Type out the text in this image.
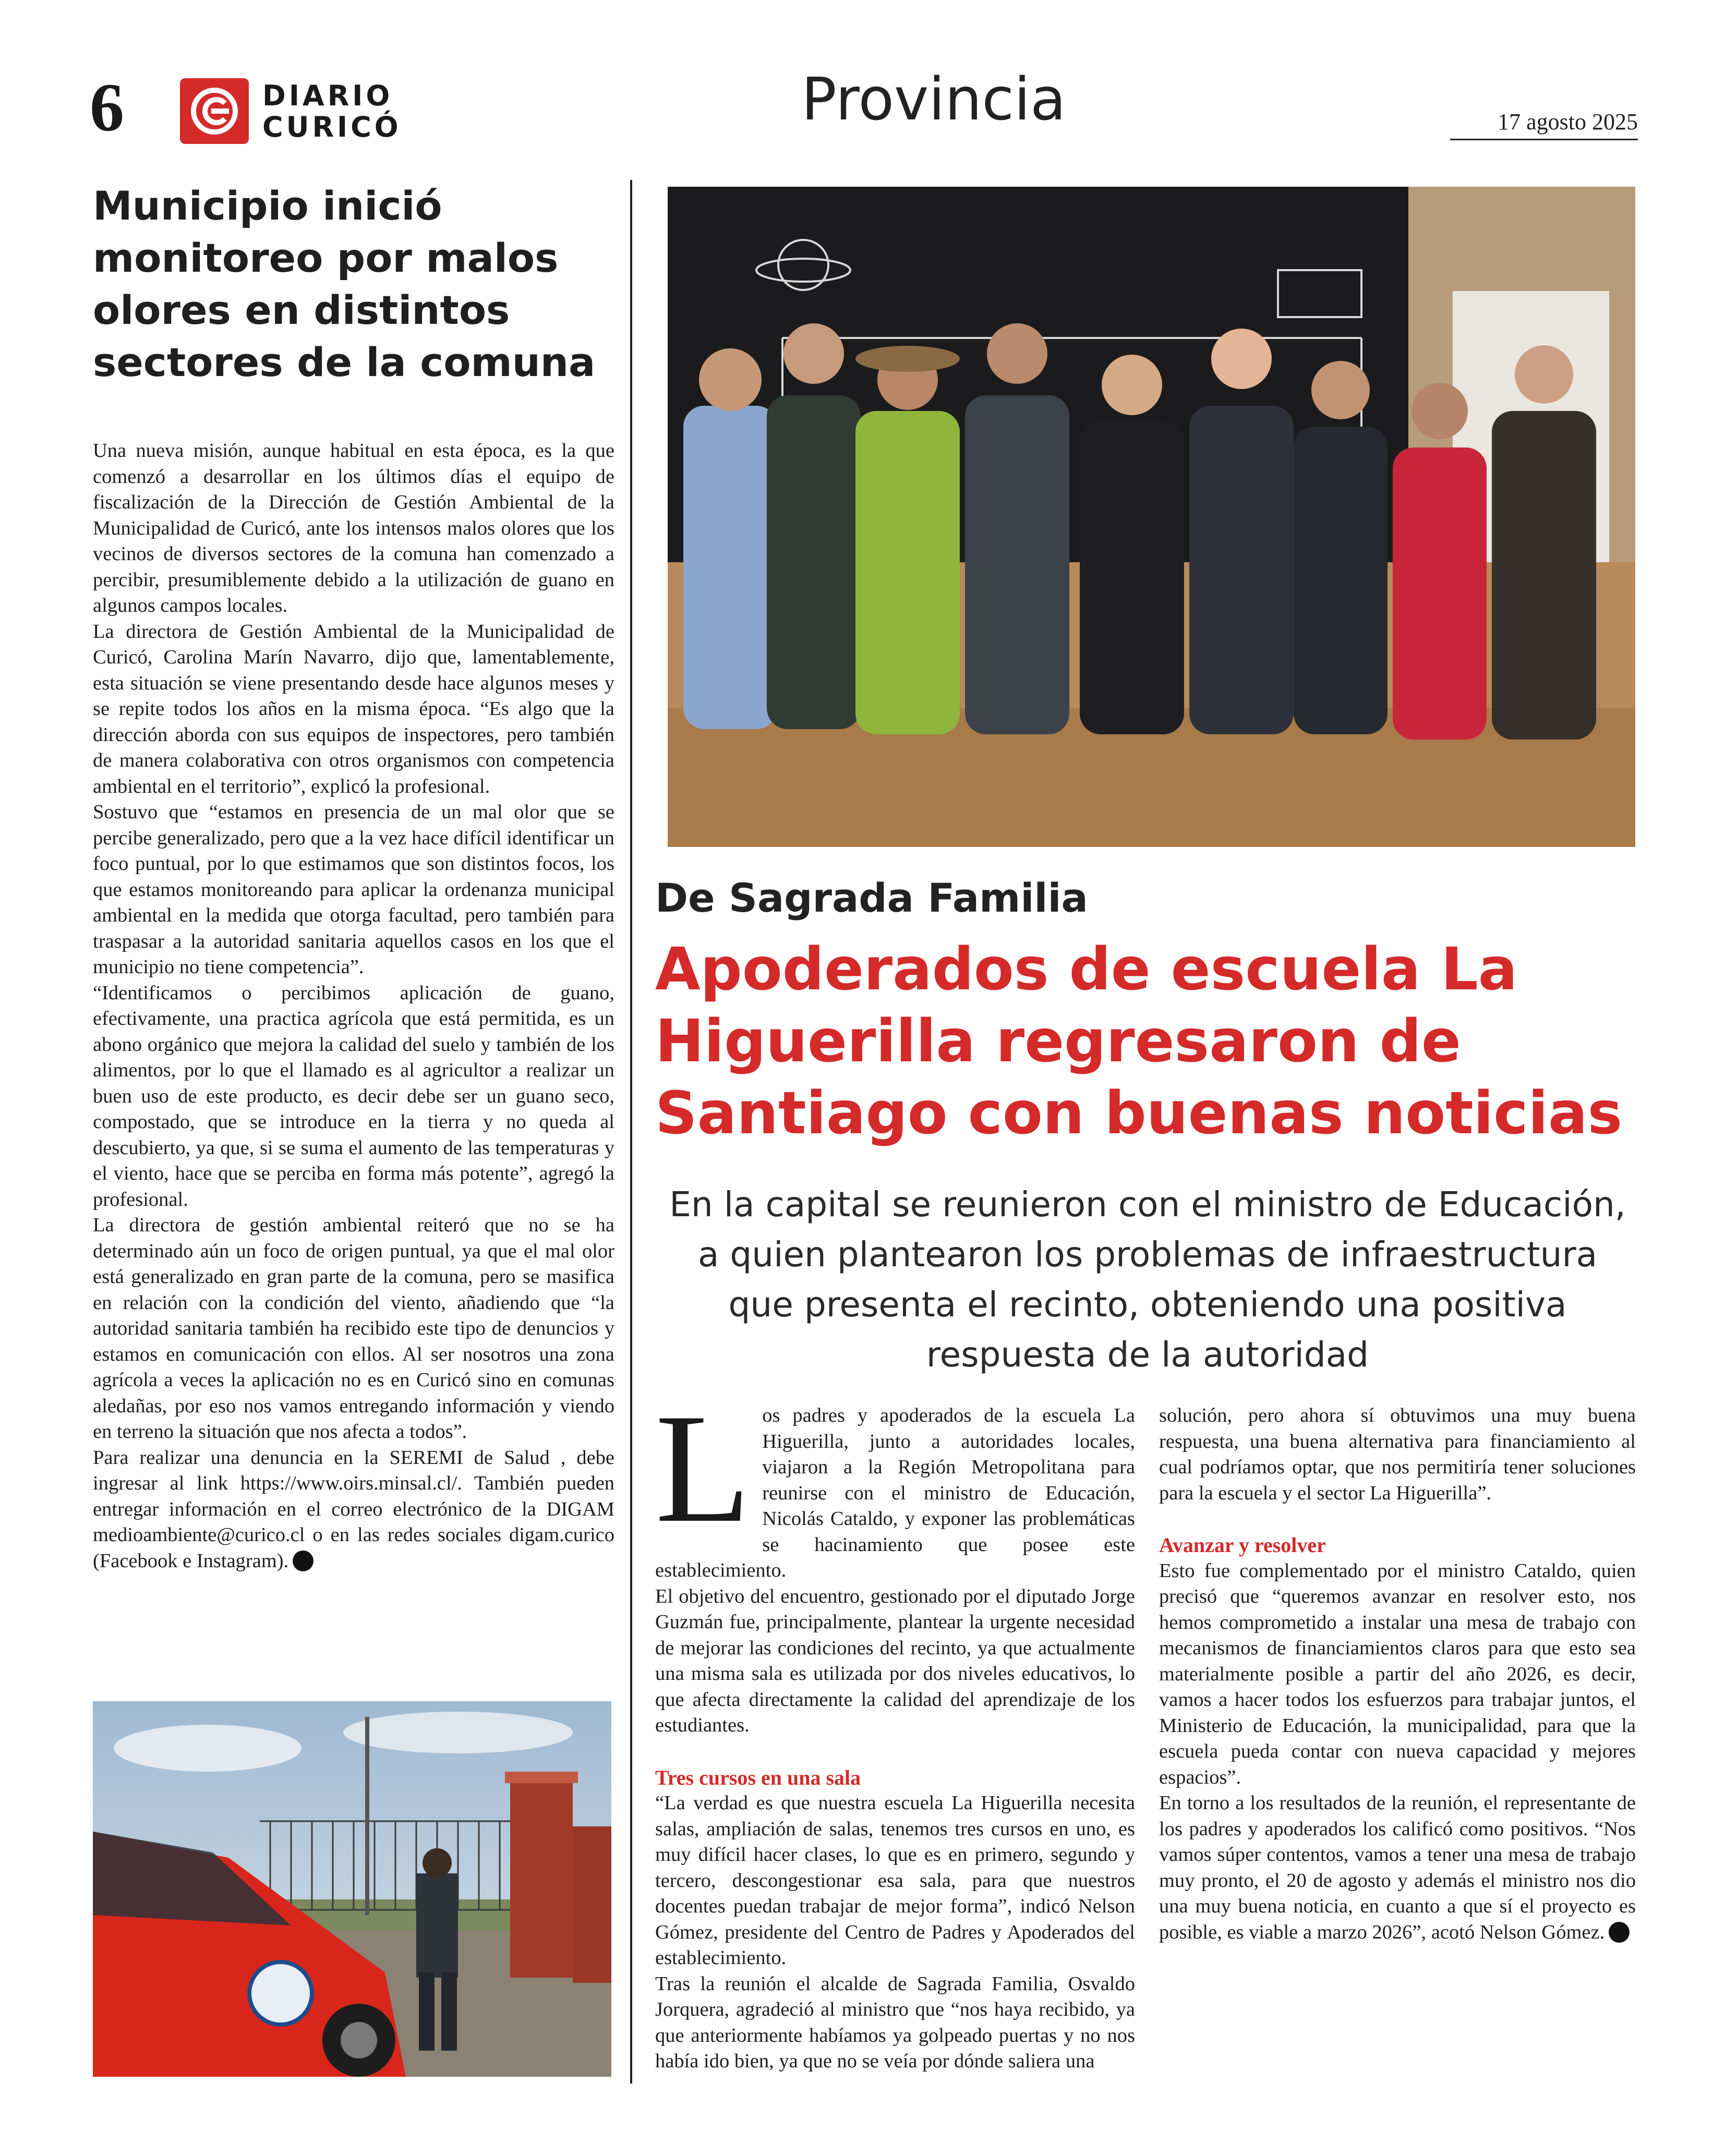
6	DIARIO
CURICÓ	Provincia	17 agosto 2025
Municipio inició monitoreo por malos olores en distintos sectores de la comuna

Una nueva misión, aunque habitual en esta época, es la que comenzó a desarrollar en los últimos días el equipo de fiscalización de la Dirección de Gestión Ambiental de la Municipalidad de Curicó, ante los intensos malos olores que los vecinos de diversos sectores de la comuna han comenzado a percibir, presumiblemente debido a la utilización de guano en algunos campos locales.

La directora de Gestión Ambiental de la Municipalidad de Curicó, Carolina Marín Navarro, dijo que, lamentablemente, esta situación se viene presentando desde hace algunos meses y se repite todos los años en la misma época. “Es algo que la dirección aborda con sus equipos de inspectores, pero también de manera colaborativa con otros organismos con competencia ambiental en el territorio”, explicó la profesional.

Sostuvo que “estamos en presencia de un mal olor que se percibe generalizado, pero que a la vez hace difícil identificar un foco puntual, por lo que estimamos que son distintos focos, los que estamos monitoreando para aplicar la ordenanza municipal ambiental en la medida que otorga facultad, pero también para traspasar a la autoridad sanitaria aquellos casos en los que el municipio no tiene competencia”.

“Identificamos o percibimos aplicación de guano, efectivamente, una practica agrícola que está permitida, es un abono orgánico que mejora la calidad del suelo y también de los alimentos, por lo que el llamado es al agricultor a realizar un buen uso de este producto, es decir debe ser un guano seco, compostado, que se introduce en la tierra y no queda al descubierto, ya que, si se suma el aumento de las temperaturas y el viento, hace que se perciba en forma más potente”, agregó la profesional.

La directora de gestión ambiental reiteró que no se ha determinado aún un foco de origen puntual, ya que el mal olor está generalizado en gran parte de la comuna, pero se masifica en relación con la condición del viento, añadiendo que “la autoridad sanitaria también ha recibido este tipo de denuncios y estamos en comunicación con ellos. Al ser nosotros una zona agrícola a veces la aplicación no es en Curicó sino en comunas aledañas, por eso nos vamos entregando información y viendo en terreno la situación que nos afecta a todos”.

Para realizar una denuncia en la SEREMI de Salud , debe ingresar al link https://www.oirs.minsal.cl/. También pueden entregar información en el correo electrónico de la DIGAM medioambiente@curico.cl o en las redes sociales digam.curico (Facebook e Instagram).

De Sagrada Familia
Apoderados de escuela La Higuerilla regresaron de Santiago con buenas noticias
En la capital se reunieron con el ministro de Educación, a quien plantearon los problemas de infraestructura que presenta el recinto, obteniendo una positiva respuesta de la autoridad

Los padres y apoderados de la escuela La Higuerilla, junto a autoridades locales, viajaron a la Región Metropolitana para reunirse con el ministro de Educación, Nicolás Cataldo, y exponer las problemáticas se hacinamiento que posee este establecimiento.

El objetivo del encuentro, gestionado por el diputado Jorge Guzmán fue, principalmente, plantear la urgente necesidad de mejorar las condiciones del recinto, ya que actualmente una misma sala es utilizada por dos niveles educativos, lo que afecta directamente la calidad del aprendizaje de los estudiantes.

Tres cursos en una sala

“La verdad es que nuestra escuela La Higuerilla necesita salas, ampliación de salas, tenemos tres cursos en uno, es muy difícil hacer clases, lo que es en primero, segundo y tercero, descongestionar esa sala, para que nuestros docentes puedan trabajar de mejor forma”, indicó Nelson Gómez, presidente del Centro de Padres y Apoderados del establecimiento.

Tras la reunión el alcalde de Sagrada Familia, Osvaldo Jorquera, agradeció al ministro que “nos haya recibido, ya que anteriormente habíamos ya golpeado puertas y no nos había ido bien, ya que no se veía por dónde saliera una

solución, pero ahora sí obtuvimos una muy buena respuesta, una buena alternativa para financiamiento al cual podríamos optar, que nos permitiría tener soluciones para la escuela y el sector La Higuerilla”.

Avanzar y resolver

Esto fue complementado por el ministro Cataldo, quien precisó que “queremos avanzar en resolver esto, nos hemos comprometido a instalar una mesa de trabajo con mecanismos de financiamientos claros para que esto sea materialmente posible a partir del año 2026, es decir, vamos a hacer todos los esfuerzos para trabajar juntos, el Ministerio de Educación, la municipalidad, para que la escuela pueda contar con nueva capacidad y mejores espacios”.

En torno a los resultados de la reunión, el representante de los padres y apoderados los calificó como positivos. “Nos vamos súper contentos, vamos a tener una mesa de trabajo muy pronto, el 20 de agosto y además el ministro nos dio una muy buena noticia, en cuanto a que sí el proyecto es posible, es viable a marzo 2026”, acotó Nelson Gómez.
